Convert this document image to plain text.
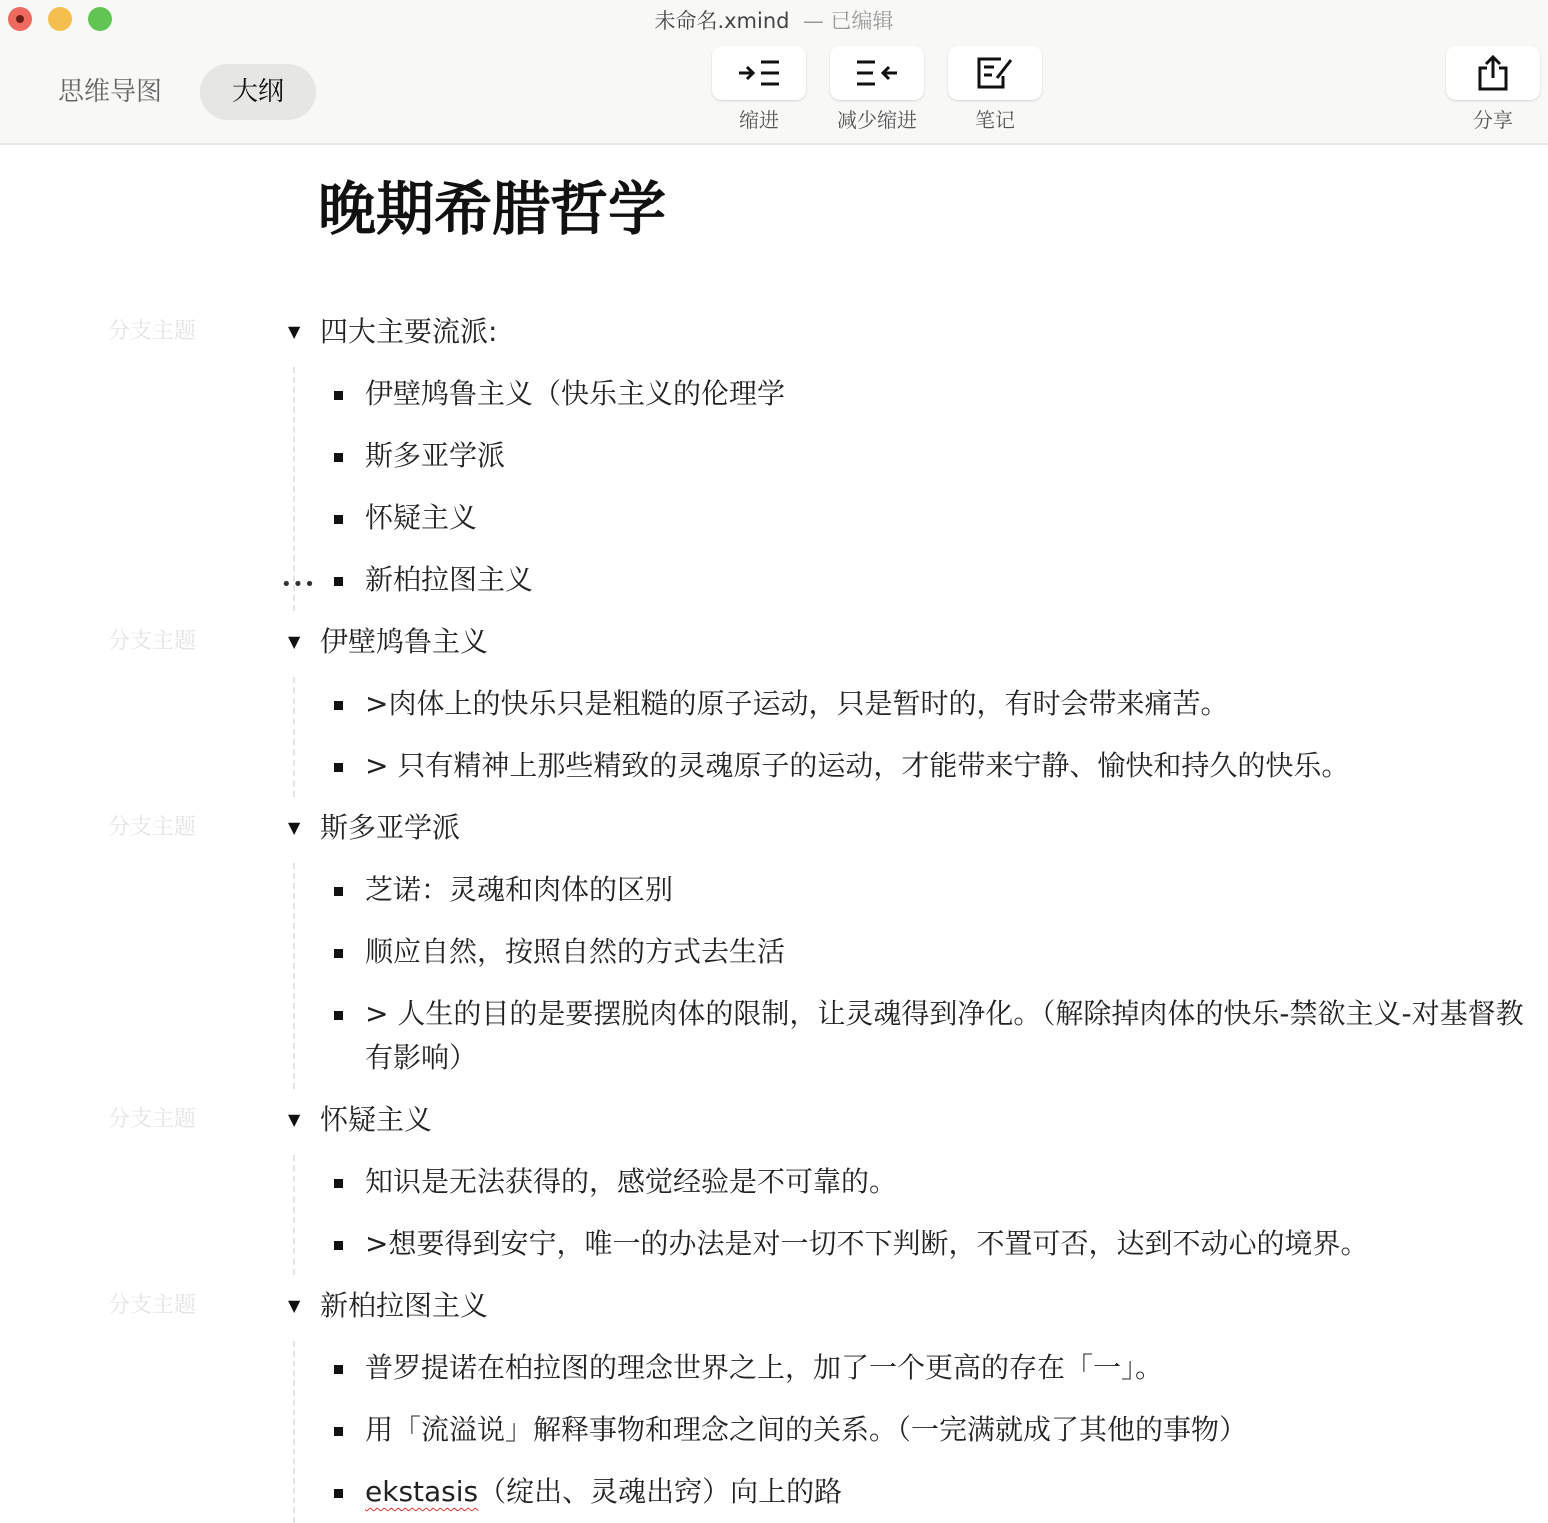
未命名.xmind — 已编辑
思维导图	大纲
缩进	减少缩进	笔记	分享
晚期希腊哲学
分支主题	▼ 四大主要流派:
伊壁鸠鲁主义（快乐主义的伦理学
斯多亚学派
怀疑主义
••• 新柏拉图主义
分支主题	▼ 伊壁鸠鲁主义
>肉体上的快乐只是粗糙的原子运动，只是暂时的，有时会带来痛苦。
> 只有精神上那些精致的灵魂原子的运动，才能带来宁静、愉快和持久的快乐。
分支主题	▼ 斯多亚学派
芝诺：灵魂和肉体的区别
顺应自然，按照自然的方式去生活
> 人生的目的是要摆脱肉体的限制，让灵魂得到净化。（解除掉肉体的快乐-禁欲主义-对基督教有影响）
分支主题	▼ 怀疑主义
知识是无法获得的，感觉经验是不可靠的。
>想要得到安宁，唯一的办法是对一切不下判断，不置可否，达到不动心的境界。
分支主题	▼ 新柏拉图主义
普罗提诺在柏拉图的理念世界之上，加了一个更高的存在「一」。
用「流溢说」解释事物和理念之间的关系。（一完满就成了其他的事物）
ekstasis（绽出、灵魂出窍）向上的路
